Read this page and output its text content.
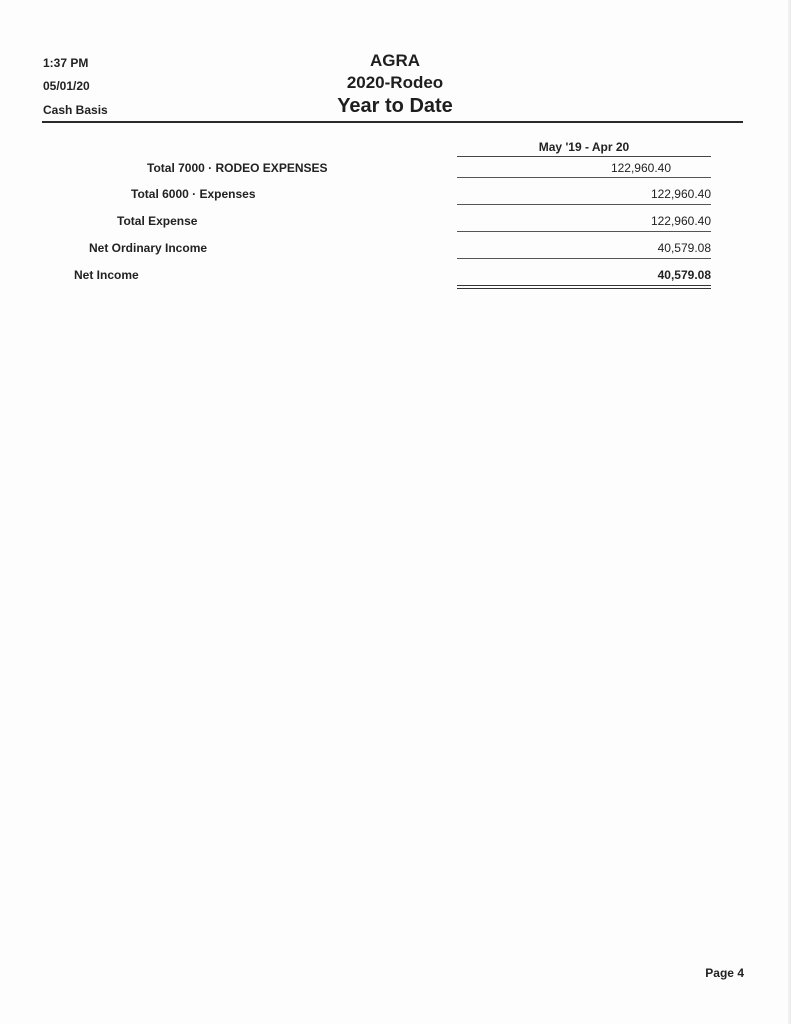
1:37 PM
05/01/20
Cash Basis
AGRA
2020-Rodeo
Year to Date
May '19 - Apr 20
Total 7000 · RODEO EXPENSES	122,960.40
Total 6000 · Expenses	122,960.40
Total Expense	122,960.40
Net Ordinary Income	40,579.08
Net Income	40,579.08
Page 4
